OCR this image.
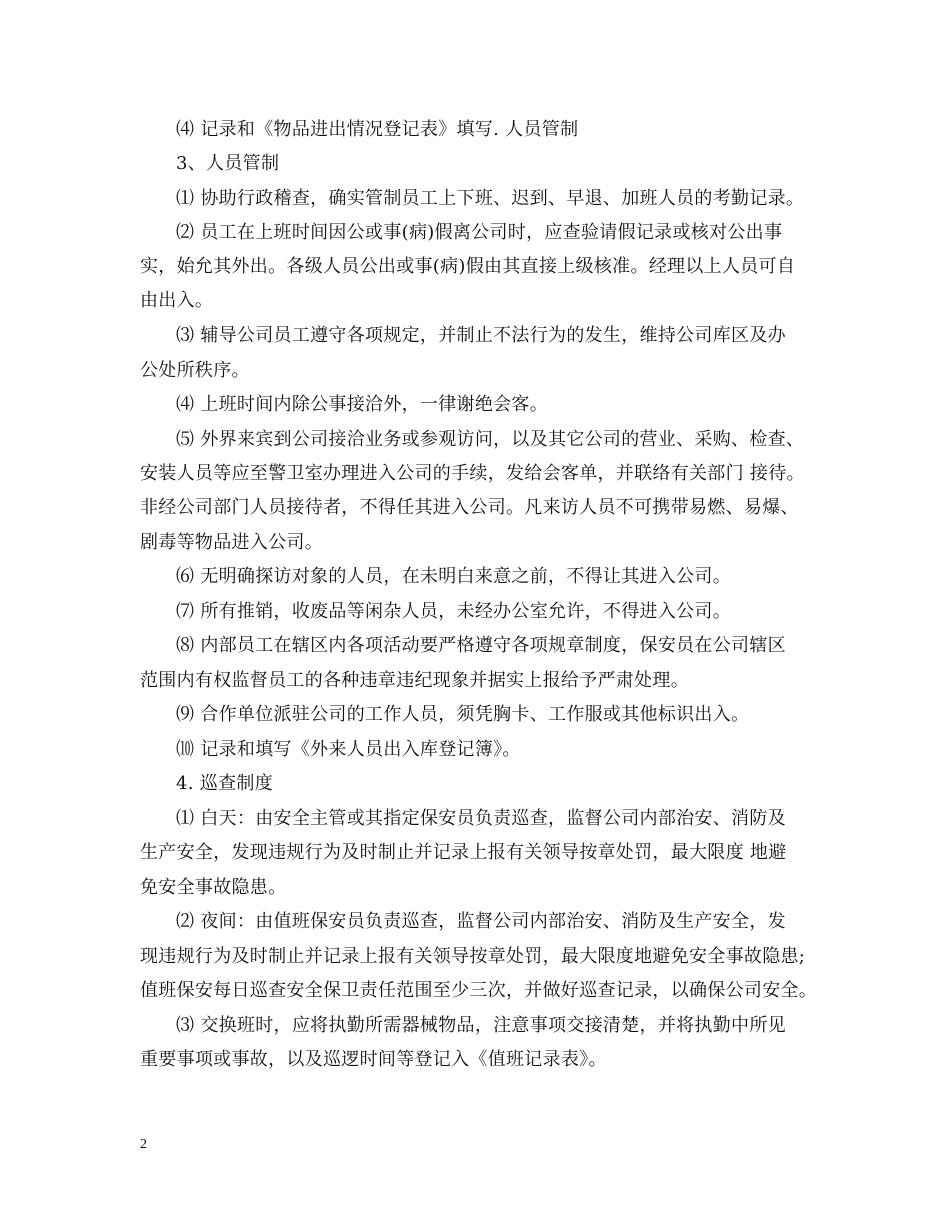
⑷ 记录和《物品进出情况登记表》填写. 人员管制
3、人员管制
⑴ 协助行政稽查，确实管制员工上下班、迟到、早退、加班人员的考勤记录。
⑵ 员工在上班时间因公或事(病)假离公司时，应查验请假记录或核对公出事
实，始允其外出。各级人员公出或事(病)假由其直接上级核准。经理以上人员可自
由出入。
⑶ 辅导公司员工遵守各项规定，并制止不法行为的发生，维持公司库区及办
公处所秩序。
⑷ 上班时间内除公事接洽外，一律谢绝会客。
⑸ 外界来宾到公司接洽业务或参观访问，以及其它公司的营业、采购、检查、
安装人员等应至警卫室办理进入公司的手续，发给会客单，并联络有关部门 接待。
非经公司部门人员接待者，不得任其进入公司。凡来访人员不可携带易燃、易爆、
剧毒等物品进入公司。
⑹ 无明确探访对象的人员，在未明白来意之前，不得让其进入公司。
⑺ 所有推销，收废品等闲杂人员，未经办公室允许，不得进入公司。
⑻ 内部员工在辖区内各项活动要严格遵守各项规章制度，保安员在公司辖区
范围内有权监督员工的各种违章违纪现象并据实上报给予严肃处理。
⑼ 合作单位派驻公司的工作人员，须凭胸卡、工作服或其他标识出入。
⑽ 记录和填写《外来人员出入库登记簿》。
4. 巡查制度
⑴ 白天：由安全主管或其指定保安员负责巡查，监督公司内部治安、消防及
生产安全，发现违规行为及时制止并记录上报有关领导按章处罚，最大限度 地避
免安全事故隐患。
⑵ 夜间：由值班保安员负责巡查，监督公司内部治安、消防及生产安全，发
现违规行为及时制止并记录上报有关领导按章处罚，最大限度地避免安全事故隐患;
值班保安每日巡查安全保卫责任范围至少三次，并做好巡查记录，以确保公司安全。
⑶ 交换班时，应将执勤所需器械物品，注意事项交接清楚，并将执勤中所见
重要事项或事故，以及巡逻时间等登记入《值班记录表》。
2
